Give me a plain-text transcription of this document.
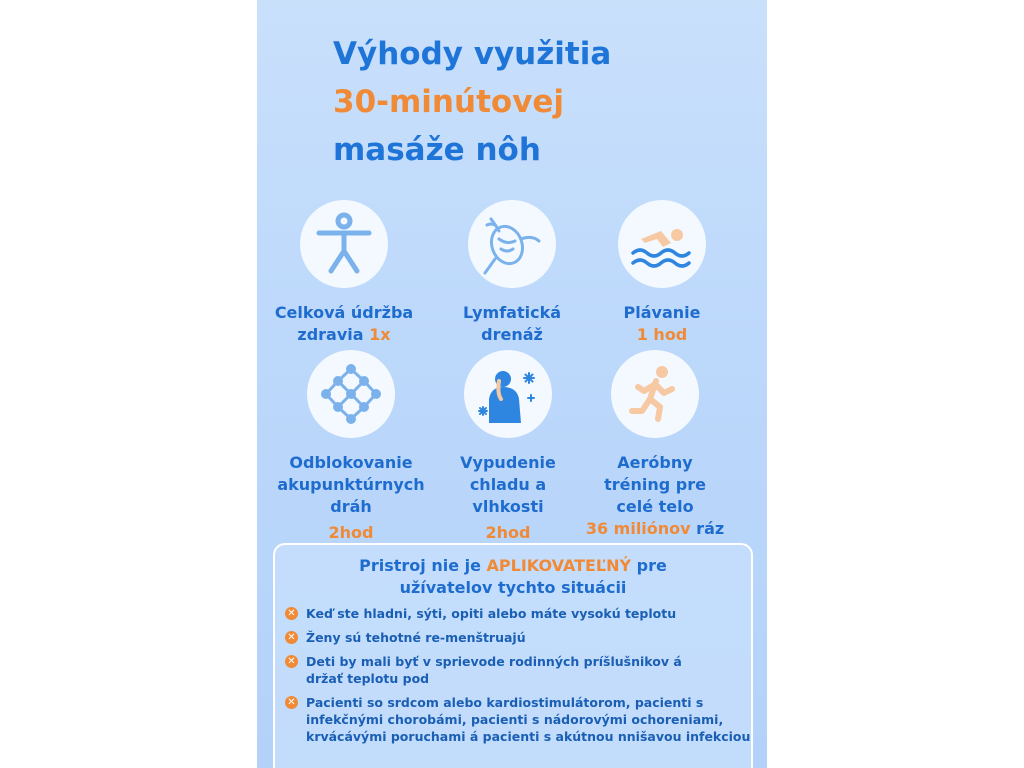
Výhody využitia
30-minútovej
masáže nôh
Celková údržba zdravia 1x
Lymfatická drenáž
Plávanie
1 hod
Odblokovanie akupunktúrnych dráh
2hod
Vypudenie chladu a vlhkosti
2hod
Aeróbny tréning pre celé telo
36 miliónov ráz
Pristroj nie je APLIKOVATEĽNÝ pre
užívatelov tychto situácii
✕ Keď ste hladni, sýti, opiti alebo máte vysokú teplotu
✕ Ženy sú tehotné re-menštruajú
✕ Deti by mali byť v sprievode rodinných príšlušnikov á držať teplotu pod
✕ Pacienti so srdcom alebo kardiostimulátorom, pacienti s infekčnými chorobámi, pacienti s nádorovými ochoreniami, krvácávými poruchami á pacienti s akútnou nnišavou infekciou
